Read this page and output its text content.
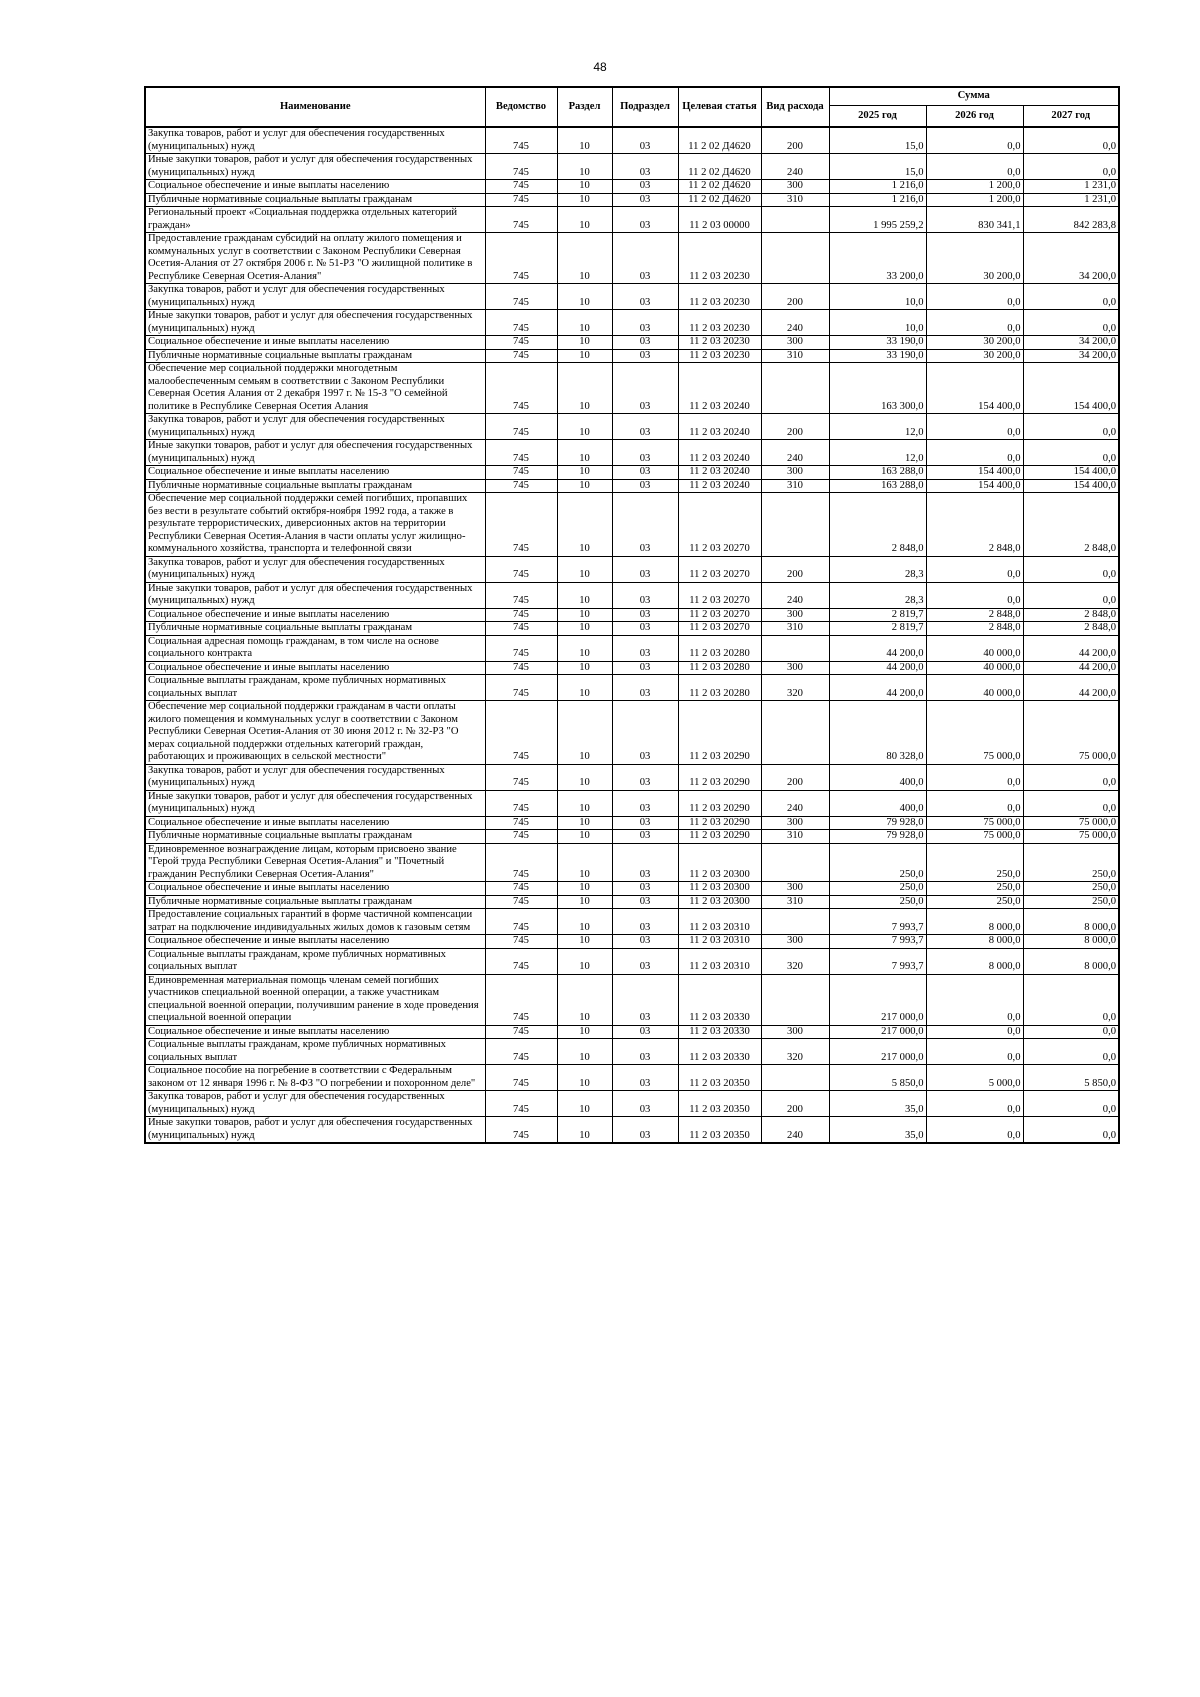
48
Наименование	Ведомство	Раздел	Подраздел	Целевая статья	Вид расхода	Сумма		
						2025 год	2026 год	2027 год
Закупка товаров, работ и услуг для обеспечения государственных (муниципальных) нужд	745	10	03	11 2 02 Д4620	200	15,0	0,0	0,0
Иные закупки товаров, работ и услуг для обеспечения государственных (муниципальных) нужд	745	10	03	11 2 02 Д4620	240	15,0	0,0	0,0
Социальное обеспечение и иные выплаты населению	745	10	03	11 2 02 Д4620	300	1 216,0	1 200,0	1 231,0
Публичные нормативные социальные выплаты гражданам	745	10	03	11 2 02 Д4620	310	1 216,0	1 200,0	1 231,0
Региональный проект «Социальная поддержка отдельных категорий граждан»	745	10	03	11 2 03 00000		1 995 259,2	830 341,1	842 283,8
Предоставление гражданам субсидий на оплату жилого помещения и коммунальных услуг в соответствии с Законом Республики Северная Осетия-Алания от 27 октября 2006 г. № 51-РЗ "О жилищной политике в Республике Северная Осетия-Алания"	745	10	03	11 2 03 20230		33 200,0	30 200,0	34 200,0
Закупка товаров, работ и услуг для обеспечения государственных (муниципальных) нужд	745	10	03	11 2 03 20230	200	10,0	0,0	0,0
Иные закупки товаров, работ и услуг для обеспечения государственных (муниципальных) нужд	745	10	03	11 2 03 20230	240	10,0	0,0	0,0
Социальное обеспечение и иные выплаты населению	745	10	03	11 2 03 20230	300	33 190,0	30 200,0	34 200,0
Публичные нормативные социальные выплаты гражданам	745	10	03	11 2 03 20230	310	33 190,0	30 200,0	34 200,0
Обеспечение мер социальной поддержки многодетным малообеспеченным семьям в соответствии с Законом Республики Северная Осетия Алания от 2 декабря 1997 г. № 15-З "О семейной политике в Республике Северная Осетия Алания	745	10	03	11 2 03 20240		163 300,0	154 400,0	154 400,0
Закупка товаров, работ и услуг для обеспечения государственных (муниципальных) нужд	745	10	03	11 2 03 20240	200	12,0	0,0	0,0
Иные закупки товаров, работ и услуг для обеспечения государственных (муниципальных) нужд	745	10	03	11 2 03 20240	240	12,0	0,0	0,0
Социальное обеспечение и иные выплаты населению	745	10	03	11 2 03 20240	300	163 288,0	154 400,0	154 400,0
Публичные нормативные социальные выплаты гражданам	745	10	03	11 2 03 20240	310	163 288,0	154 400,0	154 400,0
Обеспечение мер социальной поддержки семей погибших, пропавших без вести в результате событий октября-ноября 1992 года, а также в результате террористических, диверсионных актов на территории Республики Северная Осетия-Алания в части оплаты услуг жилищно-коммунального хозяйства, транспорта и телефонной связи	745	10	03	11 2 03 20270		2 848,0	2 848,0	2 848,0
Закупка товаров, работ и услуг для обеспечения государственных (муниципальных) нужд	745	10	03	11 2 03 20270	200	28,3	0,0	0,0
Иные закупки товаров, работ и услуг для обеспечения государственных (муниципальных) нужд	745	10	03	11 2 03 20270	240	28,3	0,0	0,0
Социальное обеспечение и иные выплаты населению	745	10	03	11 2 03 20270	300	2 819,7	2 848,0	2 848,0
Публичные нормативные социальные выплаты гражданам	745	10	03	11 2 03 20270	310	2 819,7	2 848,0	2 848,0
Социальная адресная помощь гражданам, в том числе на основе социального контракта	745	10	03	11 2 03 20280		44 200,0	40 000,0	44 200,0
Социальное обеспечение и иные выплаты населению	745	10	03	11 2 03 20280	300	44 200,0	40 000,0	44 200,0
Социальные выплаты гражданам, кроме публичных нормативных социальных выплат	745	10	03	11 2 03 20280	320	44 200,0	40 000,0	44 200,0
Обеспечение мер социальной поддержки гражданам в части оплаты жилого помещения и коммунальных услуг в соответствии с Законом Республики Северная Осетия-Алания от 30 июня 2012 г. № 32-РЗ "О мерах социальной поддержки отдельных категорий граждан, работающих и проживающих в сельской местности"	745	10	03	11 2 03 20290		80 328,0	75 000,0	75 000,0
Закупка товаров, работ и услуг для обеспечения государственных (муниципальных) нужд	745	10	03	11 2 03 20290	200	400,0	0,0	0,0
Иные закупки товаров, работ и услуг для обеспечения государственных (муниципальных) нужд	745	10	03	11 2 03 20290	240	400,0	0,0	0,0
Социальное обеспечение и иные выплаты населению	745	10	03	11 2 03 20290	300	79 928,0	75 000,0	75 000,0
Публичные нормативные социальные выплаты гражданам	745	10	03	11 2 03 20290	310	79 928,0	75 000,0	75 000,0
Единовременное вознаграждение лицам, которым присвоено звание "Герой труда Республики Северная Осетия-Алания" и "Почетный гражданин Республики Северная Осетия-Алания"	745	10	03	11 2 03 20300		250,0	250,0	250,0
Социальное обеспечение и иные выплаты населению	745	10	03	11 2 03 20300	300	250,0	250,0	250,0
Публичные нормативные социальные выплаты гражданам	745	10	03	11 2 03 20300	310	250,0	250,0	250,0
Предоставление социальных гарантий в форме частичной компенсации затрат на подключение индивидуальных жилых домов к газовым сетям	745	10	03	11 2 03 20310		7 993,7	8 000,0	8 000,0
Социальное обеспечение и иные выплаты населению	745	10	03	11 2 03 20310	300	7 993,7	8 000,0	8 000,0
Социальные выплаты гражданам, кроме публичных нормативных социальных выплат	745	10	03	11 2 03 20310	320	7 993,7	8 000,0	8 000,0
Единовременная материальная помощь членам семей погибших участников специальной военной операции, а также участникам специальной военной операции, получившим ранение в ходе проведения специальной военной операции	745	10	03	11 2 03 20330		217 000,0	0,0	0,0
Социальное обеспечение и иные выплаты населению	745	10	03	11 2 03 20330	300	217 000,0	0,0	0,0
Социальные выплаты гражданам, кроме публичных нормативных социальных выплат	745	10	03	11 2 03 20330	320	217 000,0	0,0	0,0
Социальное пособие на погребение в соответствии с Федеральным законом от 12 января 1996 г. № 8-ФЗ "О погребении и похоронном деле"	745	10	03	11 2 03 20350		5 850,0	5 000,0	5 850,0
Закупка товаров, работ и услуг для обеспечения государственных (муниципальных) нужд	745	10	03	11 2 03 20350	200	35,0	0,0	0,0
Иные закупки товаров, работ и услуг для обеспечения государственных (муниципальных) нужд	745	10	03	11 2 03 20350	240	35,0	0,0	0,0
